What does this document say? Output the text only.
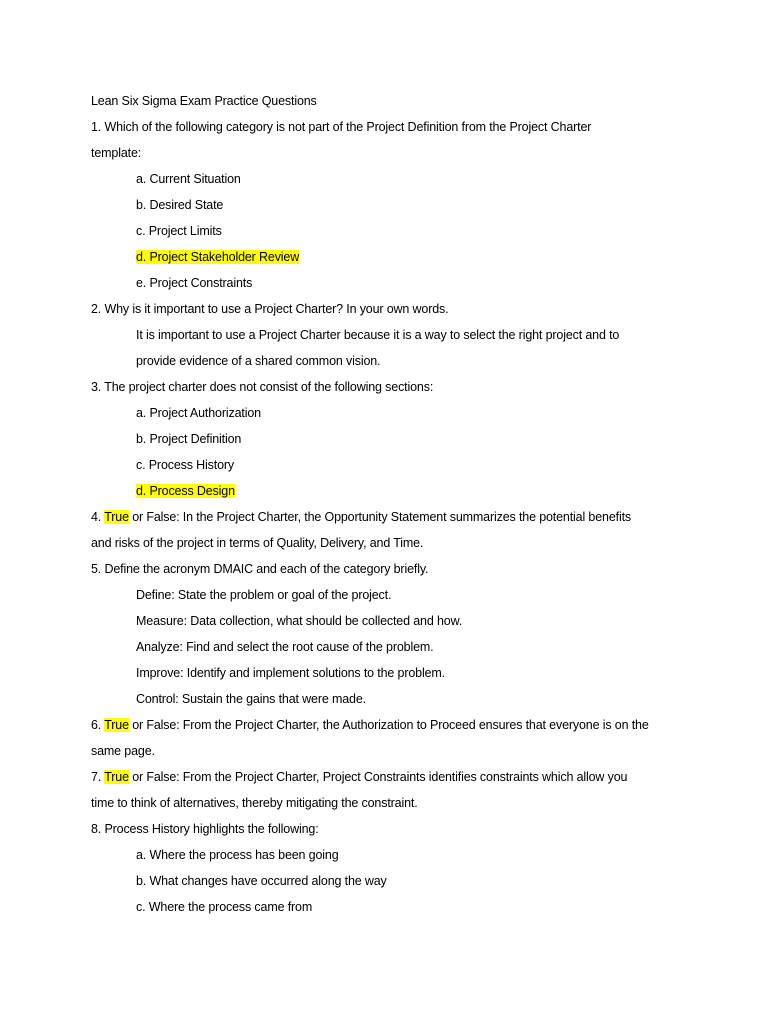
Lean Six Sigma Exam Practice Questions
1. Which of the following category is not part of the Project Definition from the Project Charter
template:
a. Current Situation
b. Desired State
c. Project Limits
d. Project Stakeholder Review
e. Project Constraints
2. Why is it important to use a Project Charter? In your own words.
It is important to use a Project Charter because it is a way to select the right project and to
provide evidence of a shared common vision.
3. The project charter does not consist of the following sections:
a. Project Authorization
b. Project Definition
c. Process History
d. Process Design
4. True or False: In the Project Charter, the Opportunity Statement summarizes the potential benefits
and risks of the project in terms of Quality, Delivery, and Time.
5. Define the acronym DMAIC and each of the category briefly.
Define: State the problem or goal of the project.
Measure: Data collection, what should be collected and how.
Analyze: Find and select the root cause of the problem.
Improve: Identify and implement solutions to the problem.
Control: Sustain the gains that were made.
6. True or False: From the Project Charter, the Authorization to Proceed ensures that everyone is on the
same page.
7. True or False: From the Project Charter, Project Constraints identifies constraints which allow you
time to think of alternatives, thereby mitigating the constraint.
8. Process History highlights the following:
a. Where the process has been going
b. What changes have occurred along the way
c. Where the process came from
